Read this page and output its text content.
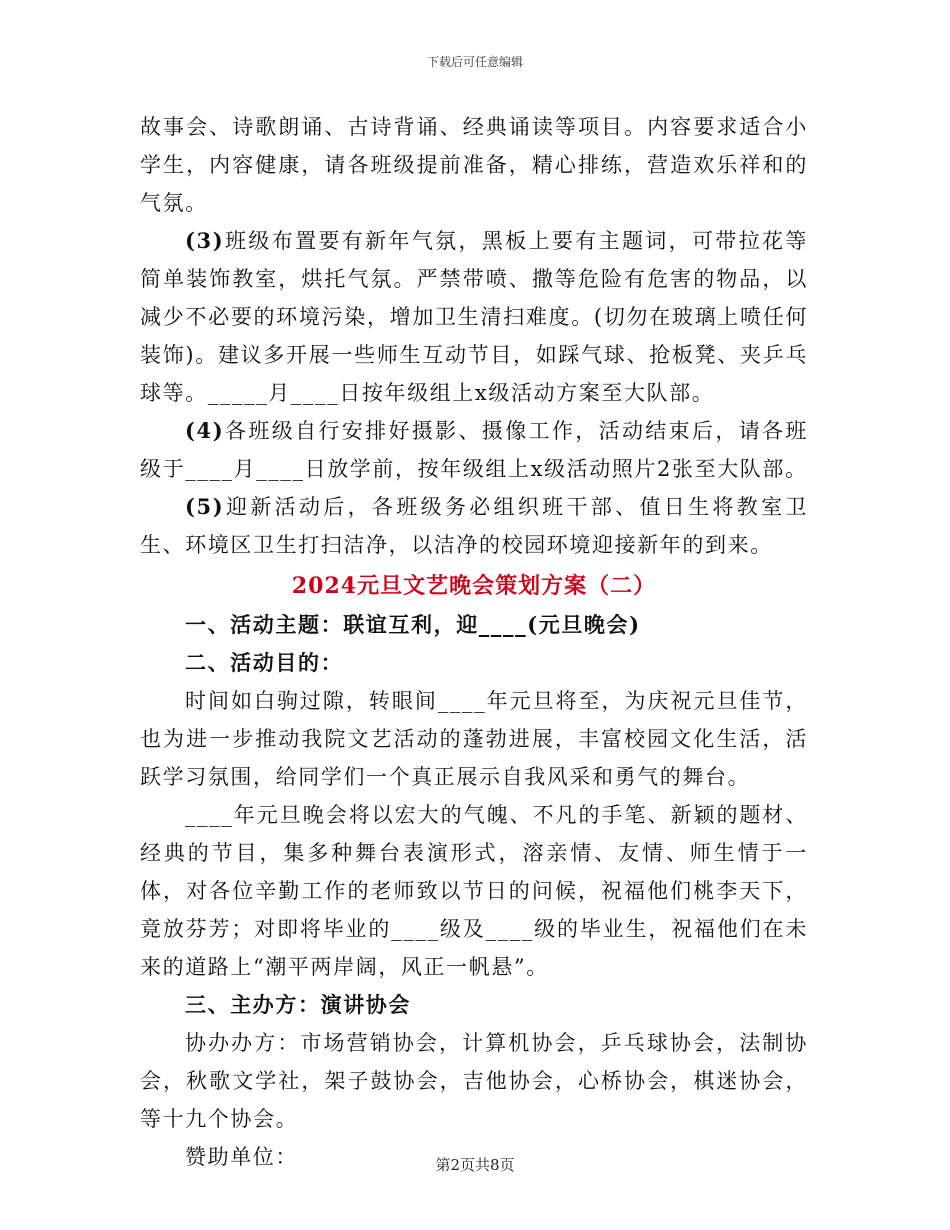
下载后可任意编辑

故事会、诗歌朗诵、古诗背诵、经典诵读等项目。内容要求适合小学生，内容健康，请各班级提前准备，精心排练，营造欢乐祥和的气氛。

(3)班级布置要有新年气氛，黑板上要有主题词，可带拉花等简单装饰教室，烘托气氛。严禁带喷、撒等危险有危害的物品，以减少不必要的环境污染，增加卫生清扫难度。(切勿在玻璃上喷任何装饰)。建议多开展一些师生互动节目，如踩气球、抢板凳、夹乒乓球等。_____月____日按年级组上x级活动方案至大队部。

(4)各班级自行安排好摄影、摄像工作，活动结束后，请各班级于____月____日放学前，按年级组上x级活动照片2张至大队部。

(5)迎新活动后，各班级务必组织班干部、值日生将教室卫生、环境区卫生打扫洁净，以洁净的校园环境迎接新年的到来。

2024元旦文艺晚会策划方案（二）

一、活动主题：联谊互利，迎____(元旦晚会)

二、活动目的：

时间如白驹过隙，转眼间____年元旦将至，为庆祝元旦佳节，也为进一步推动我院文艺活动的蓬勃进展，丰富校园文化生活，活跃学习氛围，给同学们一个真正展示自我风采和勇气的舞台。

____年元旦晚会将以宏大的气魄、不凡的手笔、新颖的题材、经典的节目，集多种舞台表演形式，溶亲情、友情、师生情于一体，对各位辛勤工作的老师致以节日的问候，祝福他们桃李天下，竟放芬芳；对即将毕业的____级及____级的毕业生，祝福他们在未来的道路上“潮平两岸阔，风正一帆悬”。

三、主办方：演讲协会

协办办方：市场营销协会，计算机协会，乒乓球协会，法制协会，秋歌文学社，架子鼓协会，吉他协会，心桥协会，棋迷协会，等十九个协会。

赞助单位：	第2页共8页
